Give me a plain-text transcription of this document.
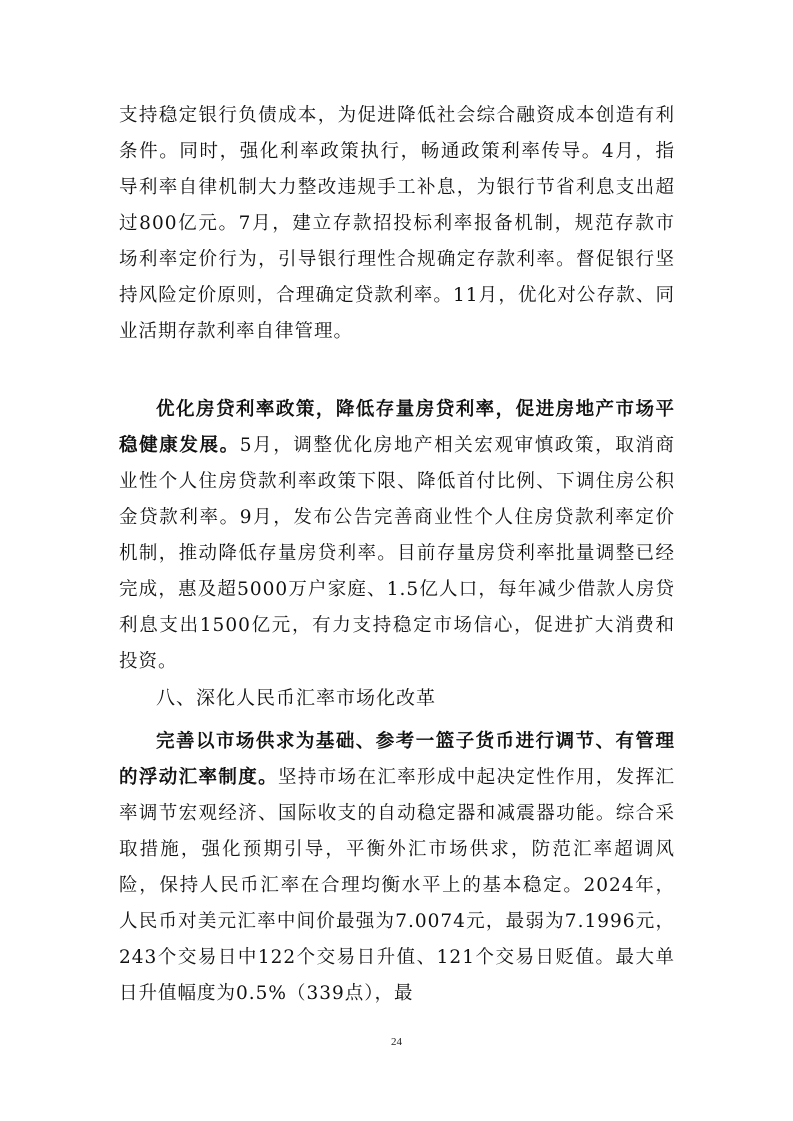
支持稳定银行负债成本，为促进降低社会综合融资成本创造有利条件。同时，强化利率政策执行，畅通政策利率传导。4月，指导利率自律机制大力整改违规手工补息，为银行节省利息支出超过800亿元。7月，建立存款招投标利率报备机制，规范存款市场利率定价行为，引导银行理性合规确定存款利率。督促银行坚持风险定价原则，合理确定贷款利率。11月，优化对公存款、同业活期存款利率自律管理。

优化房贷利率政策，降低存量房贷利率，促进房地产市场平稳健康发展。5月，调整优化房地产相关宏观审慎政策，取消商业性个人住房贷款利率政策下限、降低首付比例、下调住房公积金贷款利率。9月，发布公告完善商业性个人住房贷款利率定价机制，推动降低存量房贷利率。目前存量房贷利率批量调整已经完成，惠及超5000万户家庭、1.5亿人口，每年减少借款人房贷利息支出1500亿元，有力支持稳定市场信心，促进扩大消费和投资。

八、深化人民币汇率市场化改革

完善以市场供求为基础、参考一篮子货币进行调节、有管理的浮动汇率制度。坚持市场在汇率形成中起决定性作用，发挥汇率调节宏观经济、国际收支的自动稳定器和减震器功能。综合采取措施，强化预期引导，平衡外汇市场供求，防范汇率超调风险，保持人民币汇率在合理均衡水平上的基本稳定。2024年，人民币对美元汇率中间价最强为7.0074元，最弱为7.1996元，243个交易日中122个交易日升值、121个交易日贬值。最大单日升值幅度为0.5%（339点），最

24
